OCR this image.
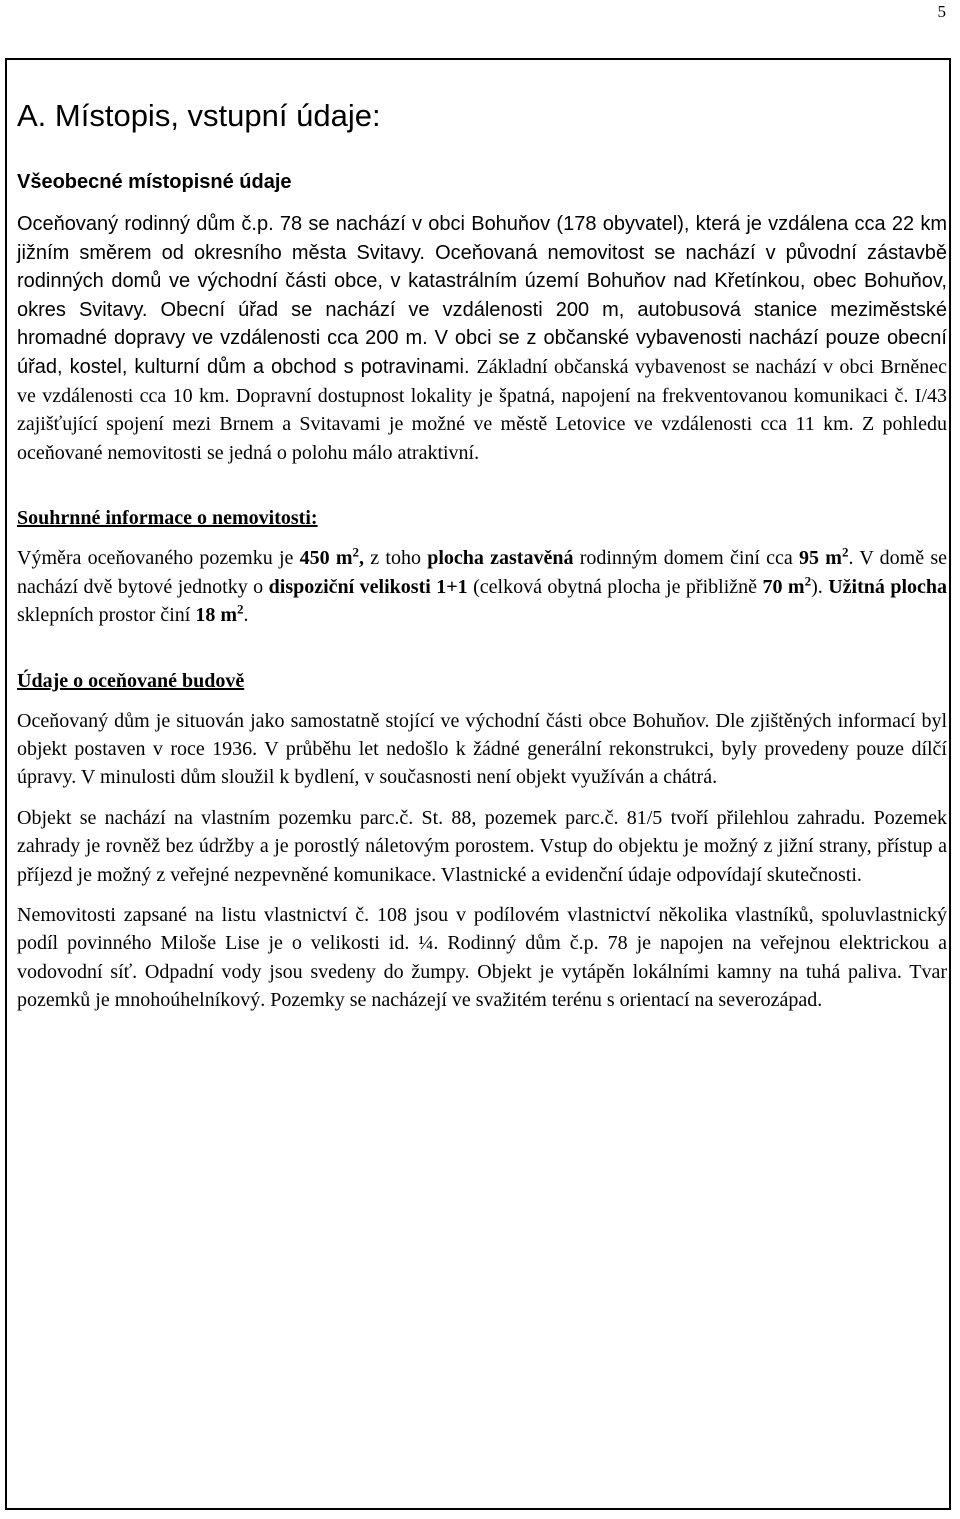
5
A. Místopis, vstupní údaje:
Všeobecné místopisné údaje

Oceňovaný rodinný dům č.p. 78 se nachází v obci Bohuňov (178 obyvatel), která je vzdálena cca 22 km jižním směrem od okresního města Svitavy. Oceňovaná nemovitost se nachází v původní zástavbě rodinných domů ve východní části obce, v katastrálním území Bohuňov nad Křetínkou, obec Bohuňov, okres Svitavy. Obecní úřad se nachází ve vzdálenosti 200 m, autobusová stanice meziměstské hromadné dopravy ve vzdálenosti cca 200 m. V obci se z občanské vybavenosti nachází pouze obecní úřad, kostel, kulturní dům a obchod s potravinami. Základní občanská vybavenost se nachází v obci Brněnec ve vzdálenosti cca 10 km. Dopravní dostupnost lokality je špatná, napojení na frekventovanou komunikaci č. I/43 zajišťující spojení mezi Brnem a Svitavami je možné ve městě Letovice ve vzdálenosti cca 11 km. Z pohledu oceňované nemovitosti se jedná o polohu málo atraktivní.

Souhrnné informace o nemovitosti:

Výměra oceňovaného pozemku je 450 $m^2$, z toho plocha zastavěná rodinným domem činí cca 95 $m^2$. V domě se nachází dvě bytové jednotky o dispoziční velikosti 1+1 (celková obytná plocha je přibližně 70 $m^2$). Užitná plocha sklepních prostor činí 18 $m^2$.

Údaje o oceňované budově

Oceňovaný dům je situován jako samostatně stojící ve východní části obce Bohuňov. Dle zjištěných informací byl objekt postaven v roce 1936. V průběhu let nedošlo k žádné generální rekonstrukci, byly provedeny pouze dílčí úpravy. V minulosti dům sloužil k bydlení, v současnosti není objekt využíván a chátrá.

Objekt se nachází na vlastním pozemku parc.č. St. 88, pozemek parc.č. 81/5 tvoří přilehlou zahradu. Pozemek zahrady je rovněž bez údržby a je porostlý náletovým porostem. Vstup do objektu je možný z jižní strany, přístup a příjezd je možný z veřejné nezpevněné komunikace. Vlastnické a evidenční údaje odpovídají skutečnosti.

Nemovitosti zapsané na listu vlastnictví č. 108 jsou v podílovém vlastnictví několika vlastníků, spoluvlastnický podíl povinného Miloše Lise je o velikosti id. ¼. Rodinný dům č.p. 78 je napojen na veřejnou elektrickou a vodovodní síť. Odpadní vody jsou svedeny do žumpy. Objekt je vytápěn lokálními kamny na tuhá paliva. Tvar pozemků je mnohoúhelníkový. Pozemky se nacházejí ve svažitém terénu s orientací na severozápad.
